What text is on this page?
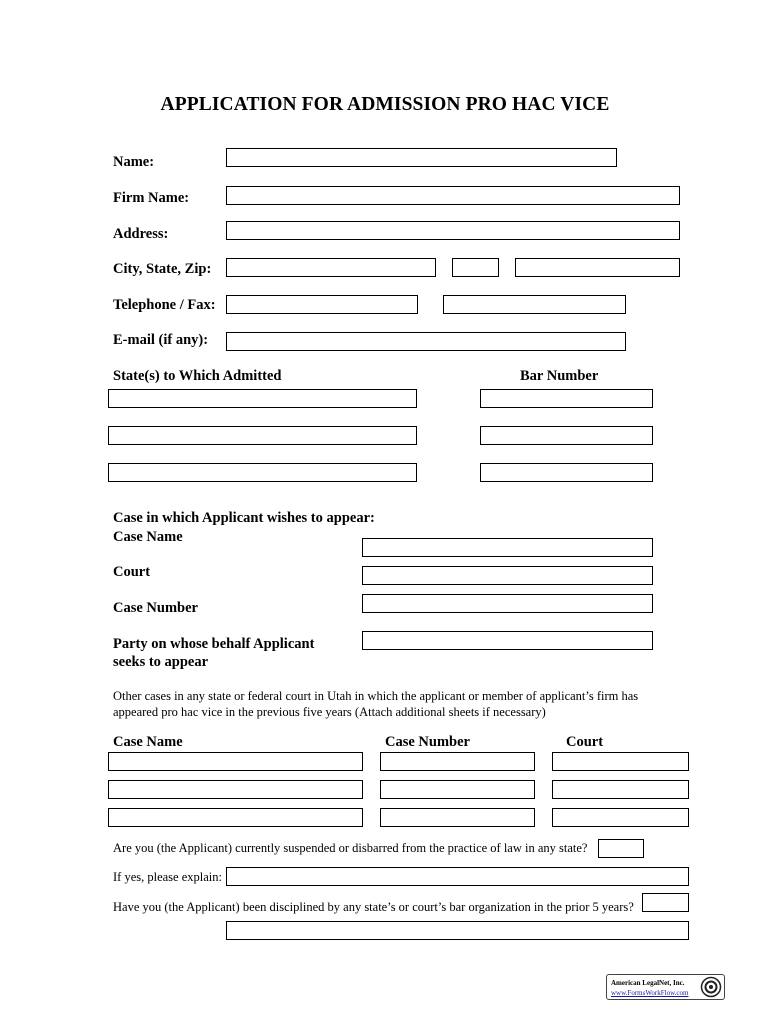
APPLICATION FOR ADMISSION PRO HAC VICE
Name:
Firm Name:
Address:
City, State, Zip:
Telephone / Fax:
E-mail (if any):
State(s) to Which Admitted	Bar Number
Case in which Applicant wishes to appear:
Case Name
Court
Case Number
Party on whose behalf Applicant
seeks to appear
Other cases in any state or federal court in Utah in which the applicant or member of applicant’s firm has
appeared pro hac vice in the previous five years (Attach additional sheets if necessary)
Case Name	Case Number	Court
Are you (the Applicant) currently suspended or disbarred from the practice of law in any state?
If yes, please explain:
Have you (the Applicant) been disciplined by any state’s or court’s bar organization in the prior 5 years?
American LegalNet, Inc.
www.FormsWorkFlow.com
